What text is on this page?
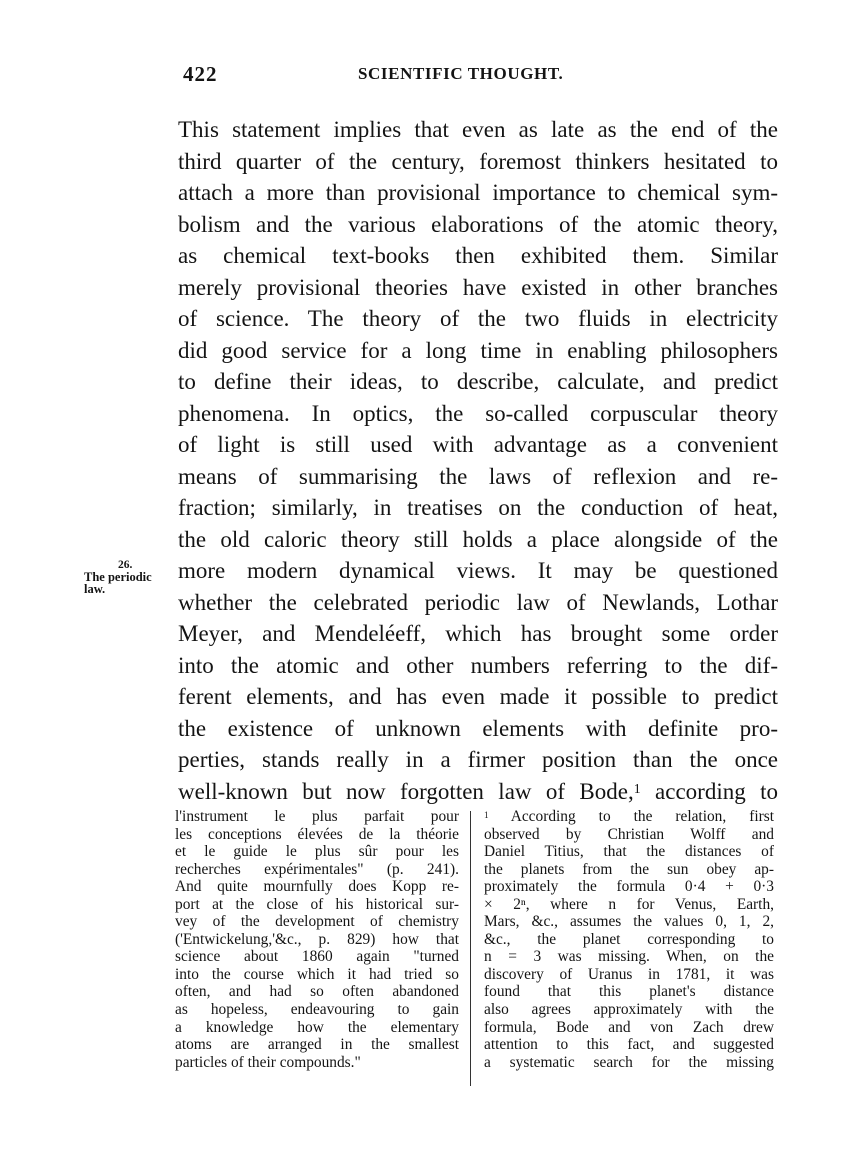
422	SCIENTIFIC THOUGHT.
26.
The periodic
law.
This statement implies that even as late as the end of the
third quarter of the century, foremost thinkers hesitated to
attach a more than provisional importance to chemical sym-
bolism and the various elaborations of the atomic theory,
as chemical text-books then exhibited them. Similar
merely provisional theories have existed in other branches
of science. The theory of the two fluids in electricity
did good service for a long time in enabling philosophers
to define their ideas, to describe, calculate, and predict
phenomena. In optics, the so-called corpuscular theory
of light is still used with advantage as a convenient
means of summarising the laws of reflexion and re-
fraction; similarly, in treatises on the conduction of heat,
the old caloric theory still holds a place alongside of the
more modern dynamical views. It may be questioned
whether the celebrated periodic law of Newlands, Lothar
Meyer, and Mendeléeff, which has brought some order
into the atomic and other numbers referring to the dif-
ferent elements, and has even made it possible to predict
the existence of unknown elements with definite pro-
perties, stands really in a firmer position than the once
well-known but now forgotten law of Bode,$^1$ according to
l'instrument le plus parfait pour
les conceptions élevées de la théorie
et le guide le plus sûr pour les
recherches expérimentales" (p. 241).
And quite mournfully does Kopp re-
port at the close of his historical sur-
vey of the development of chemistry
('Entwickelung,'&c., p. 829) how that
science about 1860 again "turned
into the course which it had tried so
often, and had so often abandoned
as hopeless, endeavouring to gain
a knowledge how the elementary
atoms are arranged in the smallest
particles of their compounds."
$^1$ According to the relation, first
observed by Christian Wolff and
Daniel Titius, that the distances of
the planets from the sun obey ap-
proximately the formula 0·4 + 0·3
× 2ⁿ, where n for Venus, Earth,
Mars, &c., assumes the values 0, 1, 2,
&c., the planet corresponding to
n = 3 was missing. When, on the
discovery of Uranus in 1781, it was
found that this planet's distance
also agrees approximately with the
formula, Bode and von Zach drew
attention to this fact, and suggested
a systematic search for the missing
